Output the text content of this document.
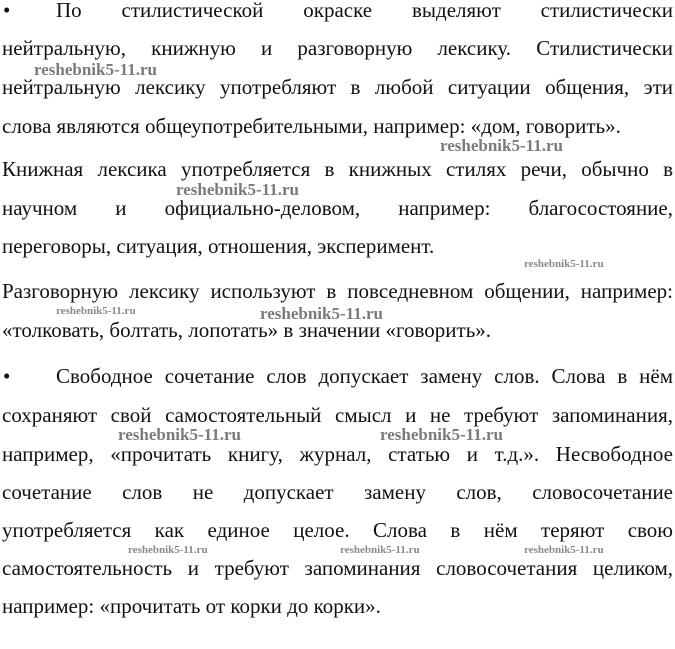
• По стилистической окраске выделяют стилистически
нейтральную, книжную и разговорную лексику. Стилистически
нейтральную лексику употребляют в любой ситуации общения, эти
слова являются общеупотребительными, например: «дом, говорить».
Книжная лексика употребляется в книжных стилях речи, обычно в
научном и официально-деловом, например: благосостояние,
переговоры, ситуация, отношения, эксперимент.
Разговорную лексику используют в повседневном общении, например:
«толковать, болтать, лопотать» в значении «говорить».
• Свободное сочетание слов допускает замену слов. Слова в нём
сохраняют свой самостоятельный смысл и не требуют запоминания,
например, «прочитать книгу, журнал, статью и т.д.». Несвободное
сочетание слов не допускает замену слов, словосочетание
употребляется как единое целое. Слова в нём теряют свою
самостоятельность и требуют запоминания словосочетания целиком,
например: «прочитать от корки до корки».
reshebnik5-11.ru
reshebnik5-11.ru
reshebnik5-11.ru
reshebnik5-11.ru
reshebnik5-11.ru	reshebnik5-11.ru
reshebnik5-11.ru	reshebnik5-11.ru
reshebnik5-11.ru	reshebnik5-11.ru	reshebnik5-11.ru
